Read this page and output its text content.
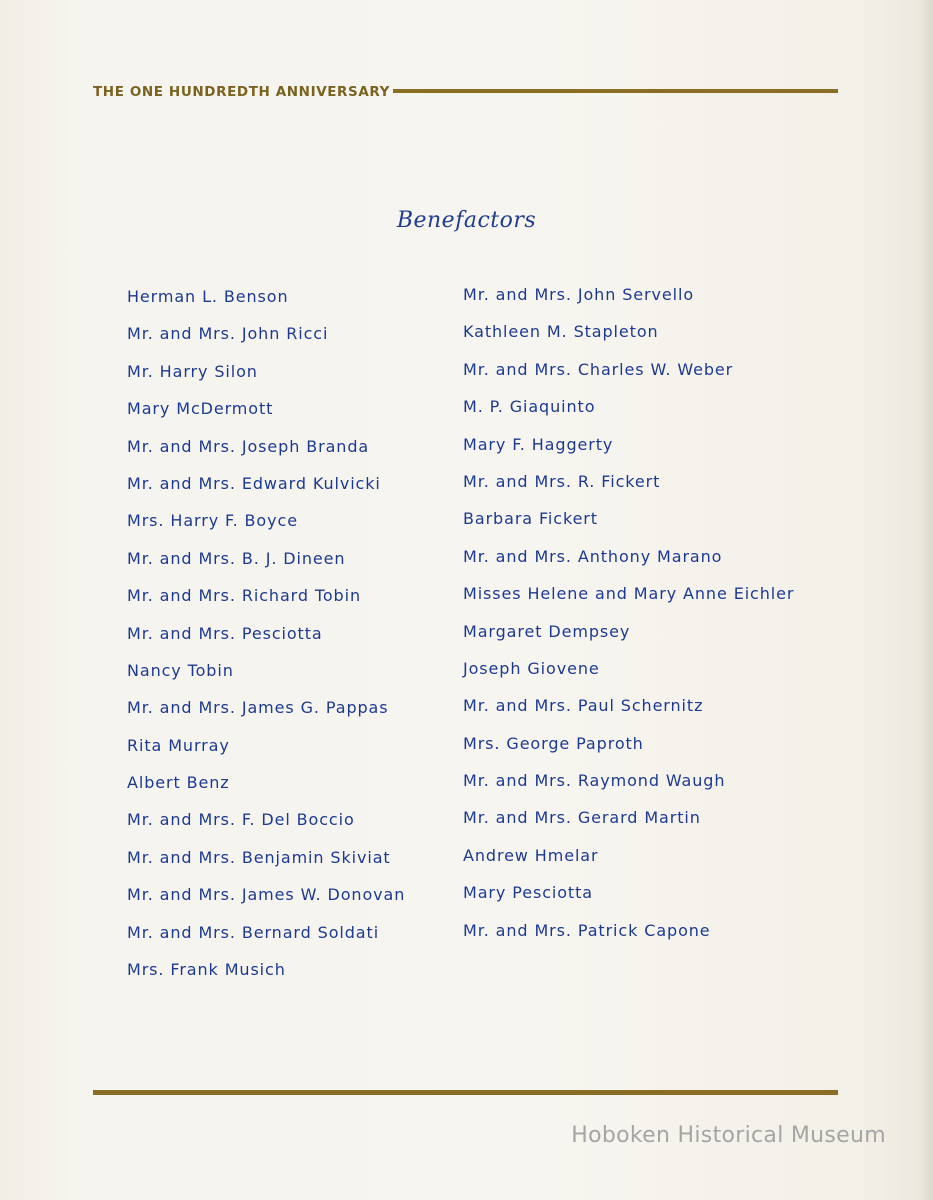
THE ONE HUNDREDTH ANNIVERSARY
Benefactors
Herman L. Benson
Mr. and Mrs. John Ricci
Mr. Harry Silon
Mary McDermott
Mr. and Mrs. Joseph Branda
Mr. and Mrs. Edward Kulvicki
Mrs. Harry F. Boyce
Mr. and Mrs. B. J. Dineen
Mr. and Mrs. Richard Tobin
Mr. and Mrs. Pesciotta
Nancy Tobin
Mr. and Mrs. James G. Pappas
Rita Murray
Albert Benz
Mr. and Mrs. F. Del Boccio
Mr. and Mrs. Benjamin Skiviat
Mr. and Mrs. James W. Donovan
Mr. and Mrs. Bernard Soldati
Mrs. Frank Musich
Mr. and Mrs. John Servello
Kathleen M. Stapleton
Mr. and Mrs. Charles W. Weber
M. P. Giaquinto
Mary F. Haggerty
Mr. and Mrs. R. Fickert
Barbara Fickert
Mr. and Mrs. Anthony Marano
Misses Helene and Mary Anne Eichler
Margaret Dempsey
Joseph Giovene
Mr. and Mrs. Paul Schernitz
Mrs. George Paproth
Mr. and Mrs. Raymond Waugh
Mr. and Mrs. Gerard Martin
Andrew Hmelar
Mary Pesciotta
Mr. and Mrs. Patrick Capone
Hoboken Historical Museum
